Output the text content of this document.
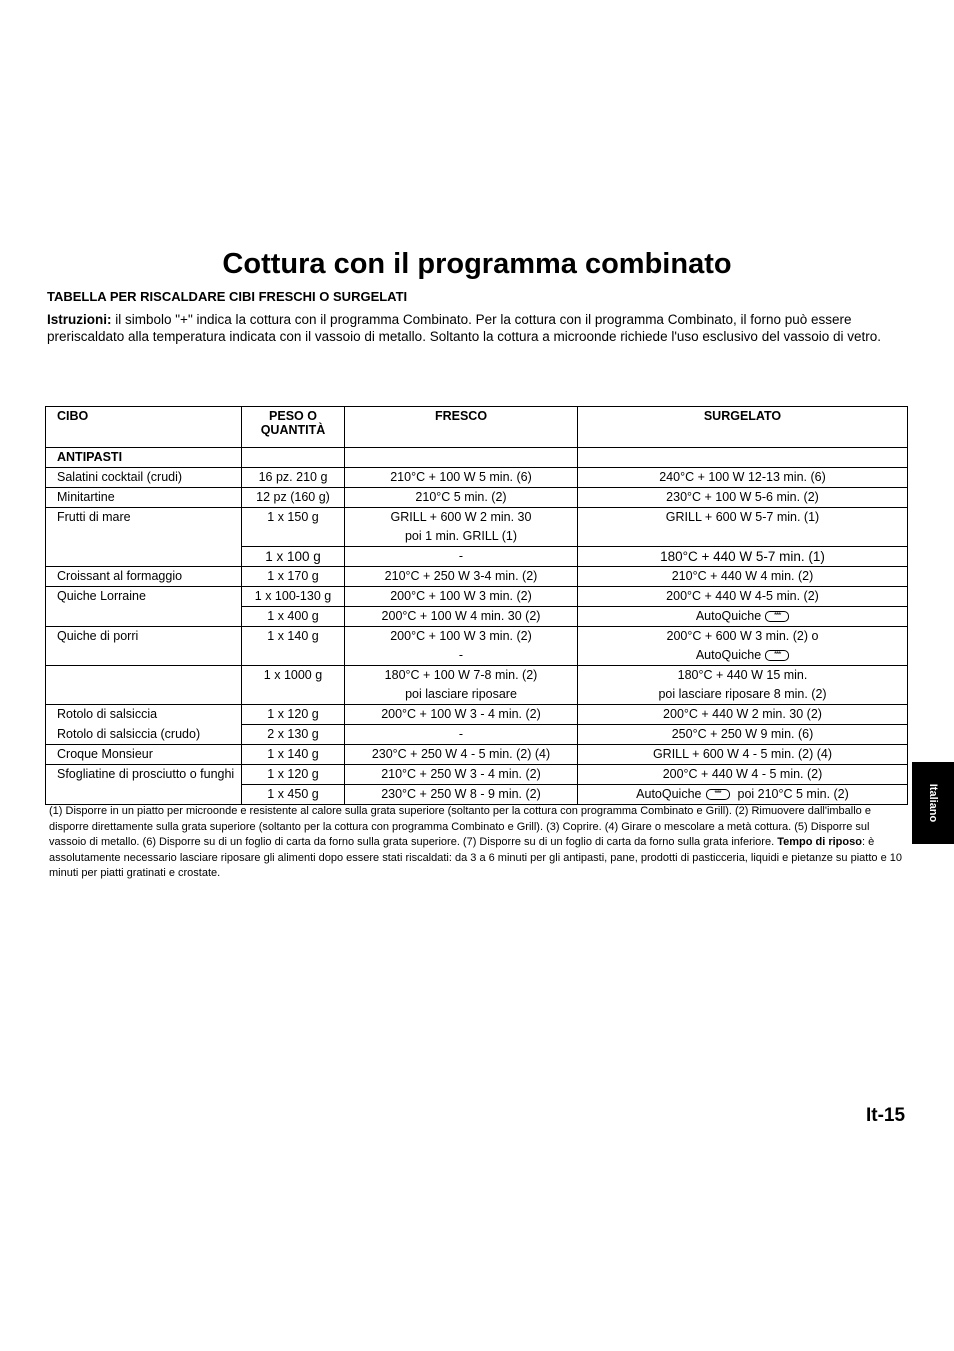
Cottura con il programma combinato

TABELLA PER RISCALDARE CIBI FRESCHI O SURGELATI

Istruzioni: il simbolo "+" indica la cottura con il programma Combinato. Per la cottura con il programma Combinato, il forno può essere preriscaldato alla temperatura indicata con il vassoio di metallo. Soltanto la cottura a microonde richiede l'uso esclusivo del vassoio di vetro.

CIBO	PESO O QUANTITÀ	FRESCO	SURGELATO
ANTIPASTI			
Salatini cocktail (crudi)	16 pz. 210 g	210°C + 100 W 5 min. (6)	240°C + 100 W 12-13 min. (6)
Minitartine	12 pz (160 g)	210°C 5 min. (2)	230°C + 100 W 5-6 min. (2)
Frutti di mare	1 x 150 g	GRILL + 600 W 2 min. 30	GRILL + 600 W 5-7 min. (1)
		poi 1 min. GRILL (1)	
	1 x 100 g	-	180°C + 440 W 5-7 min. (1)
Croissant al formaggio	1 x 170 g	210°C + 250 W 3-4 min. (2)	210°C + 440 W 4 min. (2)
Quiche Lorraine	1 x 100-130 g	200°C + 100 W 3 min. (2)	200°C + 440 W 4-5 min. (2)
	1 x 400 g	200°C + 100 W 4 min. 30 (2)	AutoQuiche ***
Quiche di porri	1 x 140 g	200°C + 100 W 3 min. (2)	200°C + 600 W 3 min. (2) o
		-	AutoQuiche ***
	1 x 1000 g	180°C + 100 W 7-8 min. (2)	180°C + 440 W 15 min.
		poi lasciare riposare	poi lasciare riposare 8 min. (2)
Rotolo di salsiccia	1 x 120 g	200°C + 100 W 3 - 4 min. (2)	200°C + 440 W 2 min. 30 (2)
Rotolo di salsiccia (crudo)	2 x 130 g	-	250°C + 250 W 9 min. (6)
Croque Monsieur	1 x 140 g	230°C + 250 W 4 - 5 min. (2) (4)	GRILL + 600 W 4 - 5 min. (2) (4)
Sfogliatine di prosciutto o funghi	1 x 120 g	210°C + 250 W 3 - 4 min. (2)	200°C + 440 W 4 - 5 min. (2)
	1 x 450 g	230°C + 250 W 8 - 9 min. (2)	AutoQuiche *** poi 210°C 5 min. (2)

(1) Disporre in un piatto per microonde e resistente al calore sulla grata superiore (soltanto per la cottura con programma Combinato e Grill). (2) Rimuovere dall'imballo e disporre direttamente sulla grata superiore (soltanto per la cottura con programma Combinato e Grill). (3) Coprire. (4) Girare o mescolare a metà cottura. (5) Disporre sul vassoio di metallo. (6) Disporre su di un foglio di carta da forno sulla grata superiore. (7) Disporre su di un foglio di carta da forno sulla grata inferiore. Tempo di riposo: è assolutamente necessario lasciare riposare gli alimenti dopo essere stati riscaldati: da 3 a 6 minuti per gli antipasti, pane, prodotti di pasticceria, liquidi e pietanze su piatto e 10 minuti per piatti gratinati e crostate.

Italiano

It-15
